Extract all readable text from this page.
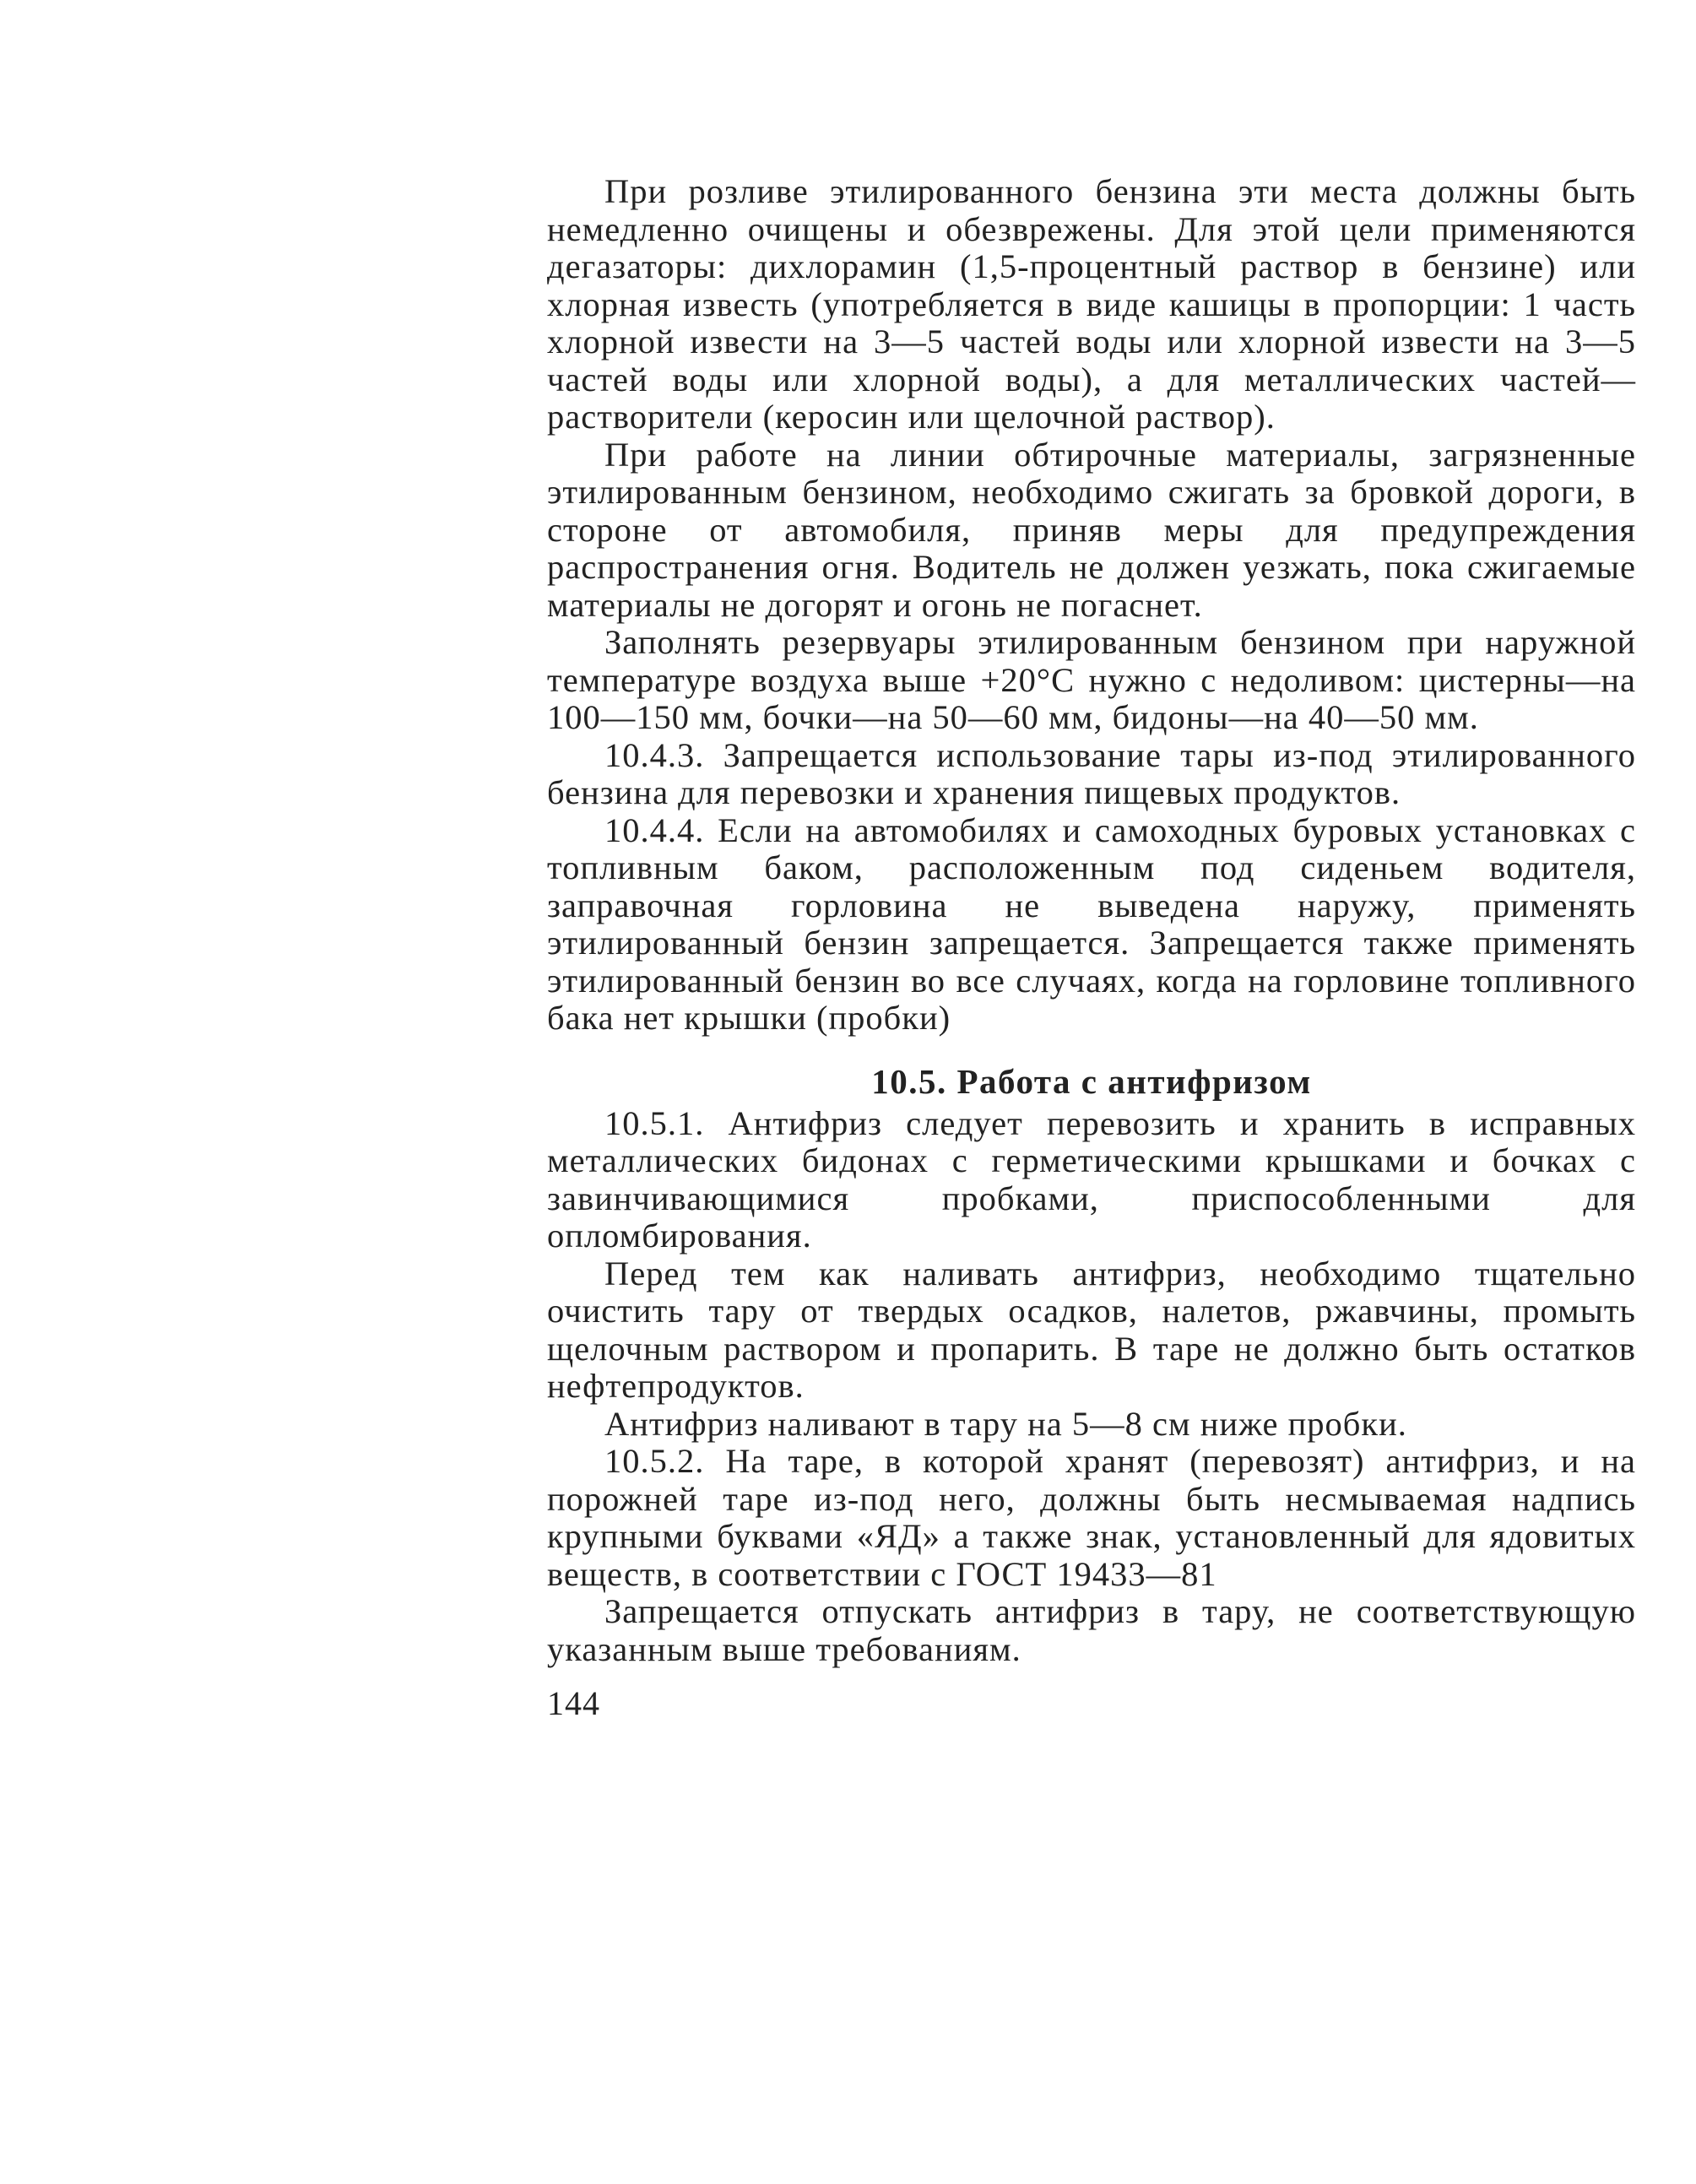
При розливе этилированного бензина эти места должны быть немедленно очищены и обезврежены. Для этой цели применяются дегазаторы: дихлорамин (1,5-процентный раствор в бензине) или хлорная известь (употребляется в виде кашицы в пропорции: 1 часть хлорной извести на 3—5 частей воды или хлорной извести на 3—5 частей воды или хлорной воды), а для металлических частей—растворители (керосин или щелочной раствор).

При работе на линии обтирочные материалы, загрязненные этилированным бензином, необходимо сжигать за бровкой дороги, в стороне от автомобиля, приняв меры для предупреждения распространения огня. Водитель не должен уезжать, пока сжигаемые материалы не догорят и огонь не погаснет.

Заполнять резервуары этилированным бензином при наружной температуре воздуха выше +20°С нужно с недоливом: цистерны—на 100—150 мм, бочки—на 50—60 мм, бидоны—на 40—50 мм.

10.4.3. Запрещается использование тары из-под этилированного бензина для перевозки и хранения пищевых продуктов.

10.4.4. Если на автомобилях и самоходных буровых установках с топливным баком, расположенным под сиденьем водителя, заправочная горловина не выведена наружу, применять этилированный бензин запрещается. Запрещается также применять этилированный бензин во все случаях, когда на горловине топливного бака нет крышки (пробки)

10.5. Работа с антифризом

10.5.1. Антифриз следует перевозить и хранить в исправных металлических бидонах с герметическими крышками и бочках с завинчивающимися пробками, приспособленными для опломбирования.

Перед тем как наливать антифриз, необходимо тщательно очистить тару от твердых осадков, налетов, ржавчины, промыть щелочным раствором и пропарить. В таре не должно быть остатков нефтепродуктов.

Антифриз наливают в тару на 5—8 см ниже пробки.

10.5.2. На таре, в которой хранят (перевозят) антифриз, и на порожней таре из-под него, должны быть несмываемая надпись крупными буквами «ЯД» а также знак, установленный для ядовитых веществ, в соответствии с ГОСТ 19433—81

Запрещается отпускать антифриз в тару, не соответствующую указанным выше требованиям.

144
